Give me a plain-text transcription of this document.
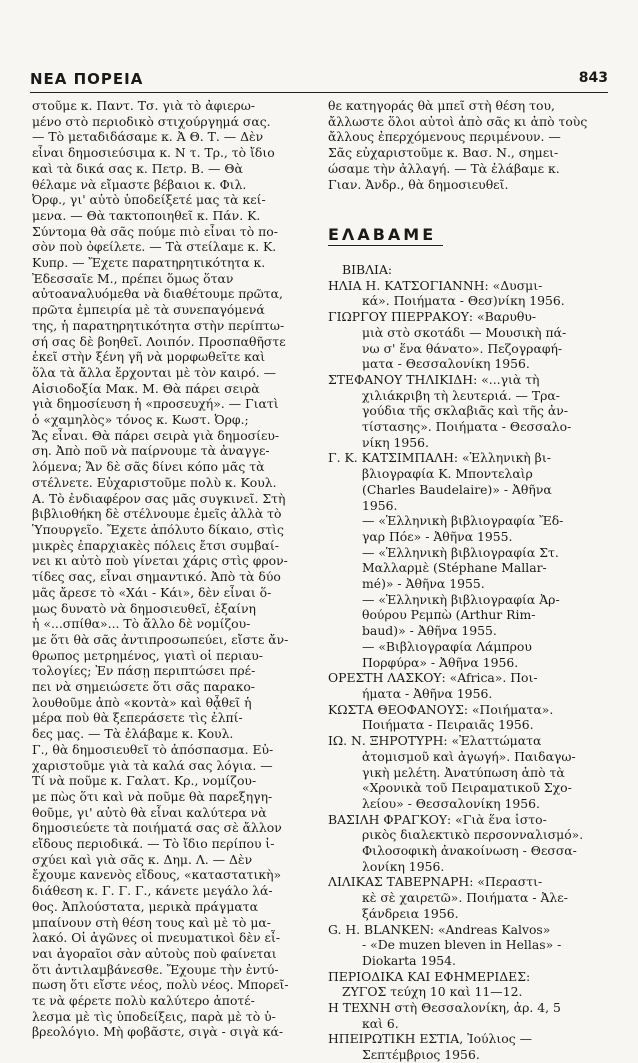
ΝΕΑ ΠΟΡΕΙΑ	843

στοῦμε κ. Παντ. Τσ. γιὰ τὸ ἀφιερω-

μένο στὸ περιοδικὸ στιχούργημά σας.

— Τὸ μεταδιδάσαμε κ. Ἀ Θ. Τ. — Δὲν

εἶναι δημοσιεύσιμα κ. Ν τ. Τρ., τὸ ἴδιο

καὶ τὰ δικά σας κ. Πετρ. Β. — Θὰ

θέλαμε νὰ εἴμαστε βέβαιοι κ. Φιλ.

Ὀρφ., γι' αὐτὸ ὑποδείξετέ μας τὰ κεί-

μενα. — Θὰ τακτοποιηθεῖ κ. Πάν. Κ.

Σύντομα θὰ σᾶς πούμε πιὸ εἶναι τὸ πο-

σὸν ποὺ ὀφείλετε. — Τὰ στείλαμε κ. Κ.

Κυπρ. — Ἔχετε παρατηρητικότητα κ.

Ἐδεσσαῖε Μ., πρέπει ὅμως ὅταν

αὐτοαναλυόμεθα νὰ διαθέτουμε πρῶτα,

πρῶτα ἐμπειρία μὲ τὰ συνεπαγόμενά

της, ἡ παρατηρητικότητα στὴν περίπτω-

σή σας δὲ βοηθεῖ. Λοιπόν. Προσπαθῆστε

ἐκεῖ στὴν ξένη γῆ νὰ μορφωθεῖτε καὶ

ὅλα τὰ ἄλλα ἔρχονται μὲ τὸν καιρό. —

Αἰσιοδοξία Μακ. Μ. Θὰ πάρει σειρὰ

γιὰ δημοσίευση ἡ «προσευχή». — Γιατὶ

ὁ «χαμηλὸς» τόνος κ. Κωστ. Ὀρφ.;

Ἄς εἶναι. Θὰ πάρει σειρὰ γιὰ δημοσίευ-

ση. Ἀπὸ ποῦ νὰ παίρνουμε τὰ ἀναγγε-

λόμενα; Ἄν δὲ σᾶς δίνει κόπο μᾶς τὰ

στέλνετε. Εὐχαριστοῦμε πολὺ κ. Κουλ.

Α. Τὸ ἐνδιαφέρον σας μᾶς συγκινεῖ. Στὴ

βιβλιοθήκη δὲ στέλνουμε ἐμεῖς ἀλλὰ τὸ

Ὑπουργεῖο. Ἔχετε ἀπόλυτο δίκαιο, στὶς

μικρὲς ἐπαρχιακὲς πόλεις ἔτσι συμβαί-

νει κι αὐτὸ ποὺ γίνεται χάρις στὶς φρον-

τίδες σας, εἶναι σημαντικό. Ἀπὸ τὰ δύο

μᾶς ἄρεσε τὸ «Χάι - Κάι», δὲν εἶναι ὅ-

μως δυνατὸ νὰ δημοσιευθεῖ, ἐξαίνη

ἡ «...σπίθα»... Τὸ ἄλλο δὲ νομίζου-

με ὅτι θὰ σᾶς ἀντιπροσωπεύει, εἴστε ἄν-

θρωπος μετρημένος, γιατὶ οἱ περιαυ-

τολογίες; Ἐν πάσῃ περιπτώσει πρέ-

πει νὰ σημειώσετε ὅτι σᾶς παρακο-

λουθοῦμε ἀπὸ «κοντὰ» καὶ θᾆθεῖ ἡ

μέρα ποὺ θὰ ξεπεράσετε τὶς ἐλπί-

δες μας. — Τὰ ἐλάβαμε κ. Κουλ.

Γ., θὰ δημοσιευθεῖ τὸ ἀπόσπασμα. Εὐ-

χαριστοῦμε γιὰ τὰ καλά σας λόγια. —

Τί νὰ ποῦμε κ. Γαλατ. Κρ., νομίζου-

με πὼς ὅτι καὶ νὰ ποῦμε θὰ παρεξηγη-

θοῦμε, γι' αὐτὸ θὰ εἶναι καλύτερα νὰ

δημοσιεύετε τὰ ποιήματά σας σὲ ἄλλον

εἴδους περιοδικά. — Τὸ ἴδιο περίπου ἰ-

σχύει καὶ γιὰ σᾶς κ. Δημ. Λ. — Δὲν

ἔχουμε κανενὸς εἴδους, «καταστατικὴ»

διάθεση κ. Γ. Γ. Γ., κάνετε μεγάλο λά-

θος. Ἀπλούστατα, μερικὰ πράγματα

μπαίνουν στὴ θέση τους καὶ μὲ τὸ μα-

λακό. Οἱ ἀγῶνες οἱ πνευματικοὶ δὲν εἶ-

ναι ἀγοραῖοι σὰν αὐτοὺς ποὺ φαίνεται

ὅτι ἀντιλαμβάνεσθε. Ἔχουμε τὴν ἐντύ-

πωση ὅτι εἴστε νέος, πολὺ νέος. Μπορεῖ-

τε νὰ φέρετε πολὺ καλύτερο ἀποτέ-

λεσμα μὲ τὶς ὑποδείξεις, παρὰ μὲ τὸ ὑ-

βρεολόγιο. Μὴ φοβᾶστε, σιγὰ - σιγὰ κά-

θε κατηγοράς θὰ μπεῖ στὴ θέση του,

ἄλλωστε ὅλοι αὐτοὶ ἀπὸ σᾶς κι ἀπὸ τοὺς

ἄλλους ἐπερχόμενους περιμένουν. —

Σᾶς εὐχαριστοῦμε κ. Βασ. Ν., σημει-

ώσαμε τὴν ἀλλαγή. — Τὰ ἐλάβαμε κ.

Γιαν. Ἀνδρ., θὰ δημοσιευθεῖ.

ΕΛΑΒΑΜΕ

ΒΙΒΛΙΑ:

ΗΛΙΑ Η. ΚΑΤΣΟΓΙΑΝΝΗ: «Δυσμι-

κά». Ποιήματα - Θεσ)νίκη 1956.

ΓΙΩΡΓΟΥ ΠΙΕΡΡΑΚΟΥ: «Βαρυθυ-

μιὰ στὸ σκοτάδι — Μουσικὴ πά-

νω σ' ἕνα θάνατο». Πεζογραφή-

ματα - Θεσσαλονίκη 1956.

ΣΤΕΦΑΝΟΥ ΤΗΛΙΚΙΔΗ: «...γιὰ τὴ

χιλιάκριβη τὴ λευτεριά. — Τρα-

γούδια τῆς σκλαβιᾶς καὶ τῆς ἀν-

τίστασης». Ποιήματα - Θεσσαλο-

νίκη 1956.

Γ. Κ. ΚΑΤΣΙΜΠΑΛΗ: «Ἑλληνικὴ βι-

βλιογραφία Κ. Μποντελαὶρ

(Charles Baudelaire)» - Ἀθῆνα

1956.

— «Ἑλληνικὴ βιβλιογραφία Ἔδ-

γαρ Πόε» - Ἀθῆνα 1955.

— «Ἑλληνικὴ βιβλιογραφία Στ.

Μαλλαρμὲ (Stéphane Mallar-

mé)» - Ἀθῆνα 1955.

— «Ἑλληνικὴ βιβλιογραφία Ἀρ-

θούρου Ρεμπὼ (Arthur Rim-

baud)» - Ἀθῆνα 1955.

— «Βιβλιογραφία Λάμπρου

Πορφύρα» - Ἀθῆνα 1956.

ΟΡΕΣΤΗ ΛΑΣΚΟΥ: «Africa». Ποι-

ήματα - Ἀθῆνα 1956.

ΚΩΣΤΑ ΘΕΟΦΑΝΟΥΣ: «Ποιήματα».

Ποιήματα - Πειραιᾶς 1956.

ΙΩ. Ν. ΞΗΡΟΤΥΡΗ: «Ἐλαττώματα

ἀτομισμοῦ καὶ ἀγωγή». Παιδαγω-

γικὴ μελέτη. Ἀνατύπωση ἀπὸ τὰ

«Χρονικὰ τοῦ Πειραματικοῦ Σχο-

λείου» - Θεσσαλονίκη 1956.

ΒΑΣΙΛΗ ΦΡΑΓΚΟΥ: «Γιὰ ἕνα ἱστο-

ρικὸς διαλεκτικὸ περσονναλισμό».

Φιλοσοφικὴ ἀνακοίνωση - Θεσσα-

λονίκη 1956.

ΛΙΛΙΚΑΣ ΤΑΒΕΡΝΑΡΗ: «Περαστι-

κὲ σὲ χαιρετῶ». Ποιήματα - Ἀλε-

ξάνδρεια 1956.

G. H. BLANKEN: «Andreas Kalvos»

- «De muzen bleven in Hellas» -

Diokarta 1954.

ΠΕΡΙΟΔΙΚΑ ΚΑΙ ΕΦΗΜΕΡΙΔΕΣ:

ΖΥΓΟΣ τεύχη 10 καὶ 11—12.

Η ΤΕΧΝΗ στὴ Θεσσαλονίκη, ἀρ. 4, 5

καὶ 6.

ΗΠΕΙΡΩΤΙΚΗ ΕΣΤΙΑ, Ἰούλιος —

Σεπτέμβριος 1956.
